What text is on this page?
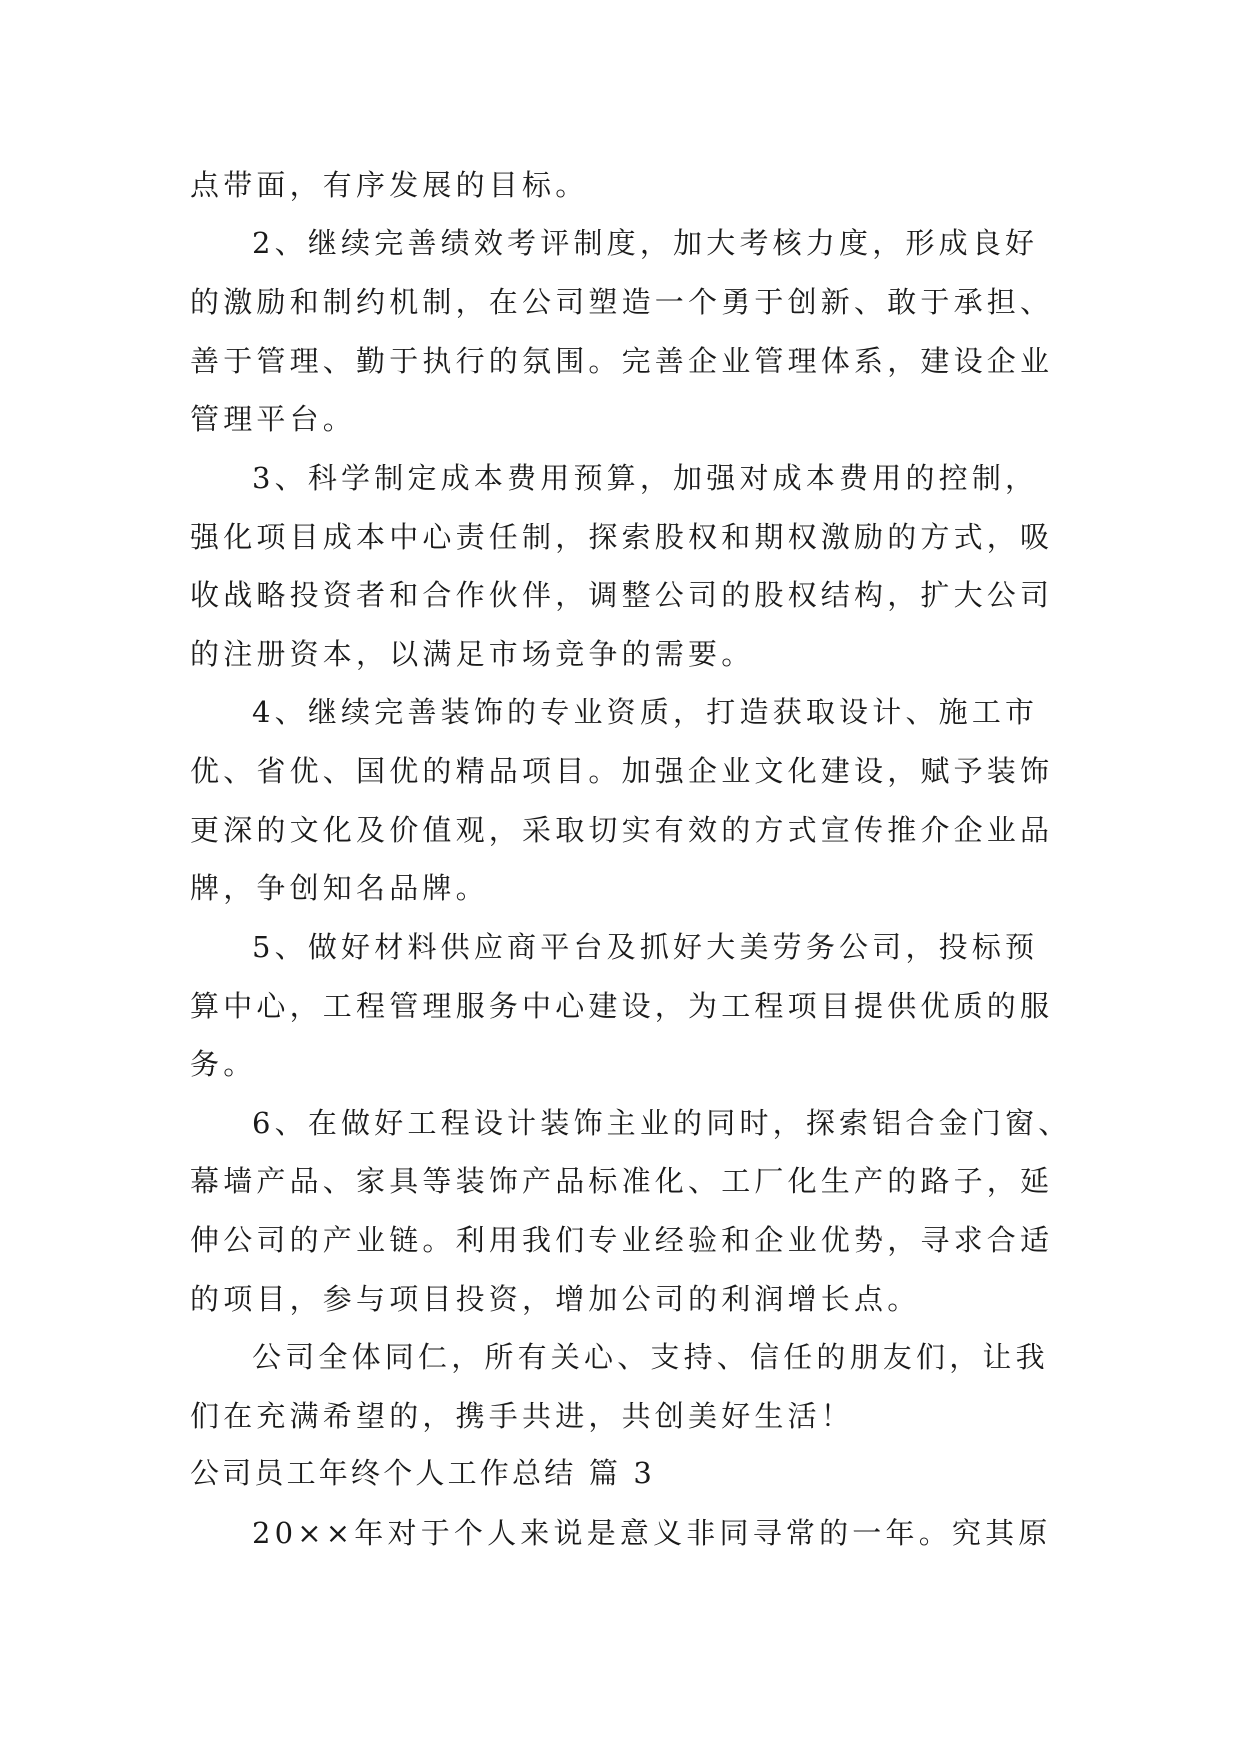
点带面，有序发展的目标。
2、继续完善绩效考评制度，加大考核力度，形成良好
的激励和制约机制，在公司塑造一个勇于创新、敢于承担、
善于管理、勤于执行的氛围。完善企业管理体系，建设企业
管理平台。
3、科学制定成本费用预算，加强对成本费用的控制，
强化项目成本中心责任制，探索股权和期权激励的方式，吸
收战略投资者和合作伙伴，调整公司的股权结构，扩大公司
的注册资本，以满足市场竞争的需要。
4、继续完善装饰的专业资质，打造获取设计、施工市
优、省优、国优的精品项目。加强企业文化建设，赋予装饰
更深的文化及价值观，采取切实有效的方式宣传推介企业品
牌，争创知名品牌。
5、做好材料供应商平台及抓好大美劳务公司，投标预
算中心，工程管理服务中心建设，为工程项目提供优质的服
务。
6、在做好工程设计装饰主业的同时，探索铝合金门窗、
幕墙产品、家具等装饰产品标准化、工厂化生产的路子，延
伸公司的产业链。利用我们专业经验和企业优势，寻求合适
的项目，参与项目投资，增加公司的利润增长点。
公司全体同仁，所有关心、支持、信任的朋友们，让我
们在充满希望的，携手共进，共创美好生活！
公司员工年终个人工作总结 篇 3
20××年对于个人来说是意义非同寻常的一年。究其原
